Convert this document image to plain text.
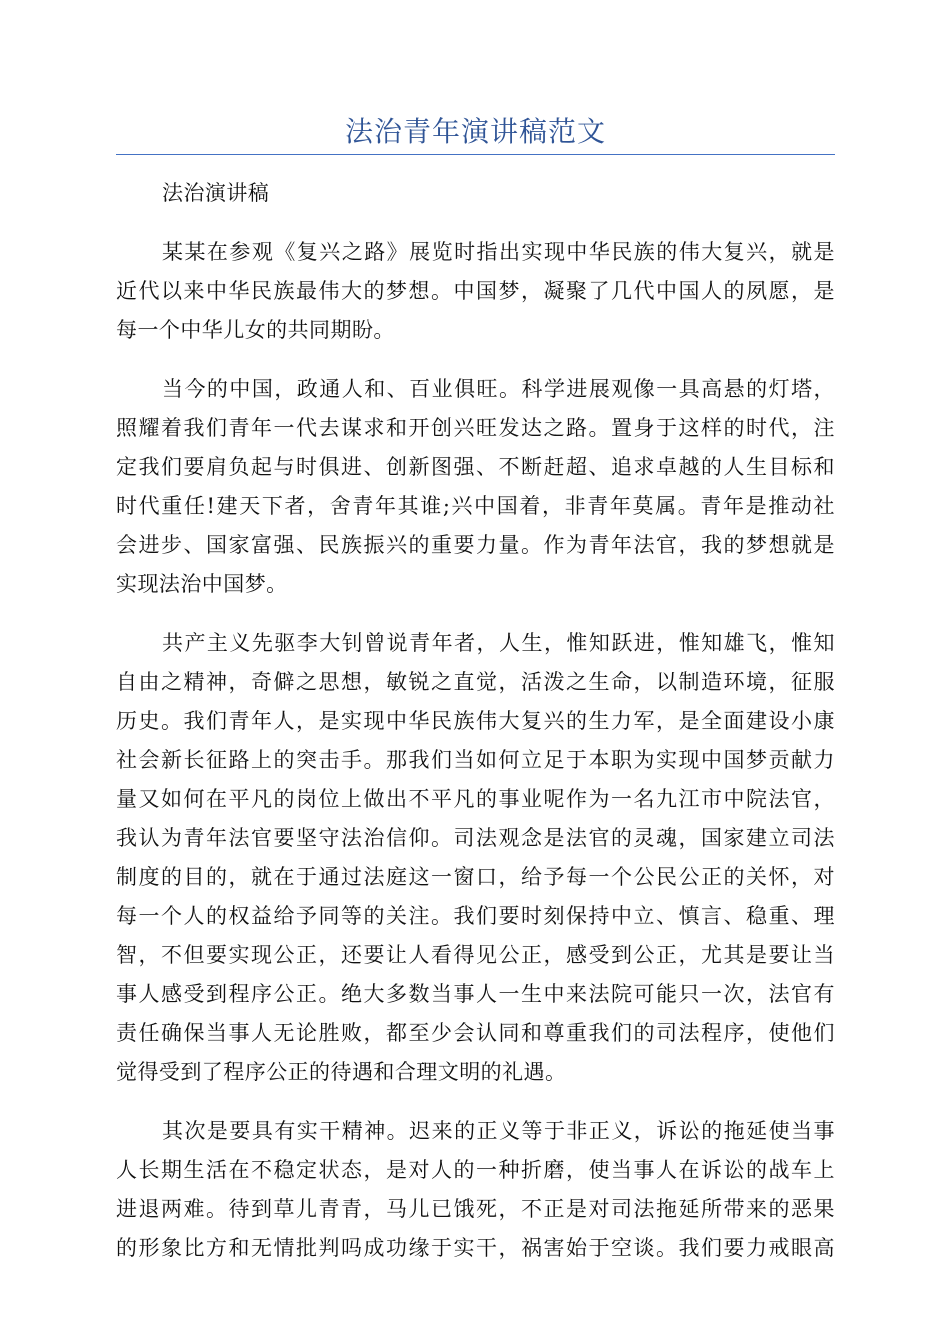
法治青年演讲稿范文
法治演讲稿
某某在参观《复兴之路》展览时指出实现中华民族的伟大复兴，就是
近代以来中华民族最伟大的梦想。中国梦，凝聚了几代中国人的夙愿，是
每一个中华儿女的共同期盼。
当今的中国，政通人和、百业俱旺。科学进展观像一具高悬的灯塔，
照耀着我们青年一代去谋求和开创兴旺发达之路。置身于这样的时代，注
定我们要肩负起与时俱进、创新图强、不断赶超、追求卓越的人生目标和
时代重任!建天下者，舍青年其谁;兴中国着，非青年莫属。青年是推动社
会进步、国家富强、民族振兴的重要力量。作为青年法官，我的梦想就是
实现法治中国梦。
共产主义先驱李大钊曾说青年者，人生，惟知跃进，惟知雄飞，惟知
自由之精神，奇僻之思想，敏锐之直觉，活泼之生命，以制造环境，征服
历史。我们青年人，是实现中华民族伟大复兴的生力军，是全面建设小康
社会新长征路上的突击手。那我们当如何立足于本职为实现中国梦贡献力
量又如何在平凡的岗位上做出不平凡的事业呢作为一名九江市中院法官，
我认为青年法官要坚守法治信仰。司法观念是法官的灵魂，国家建立司法
制度的目的，就在于通过法庭这一窗口，给予每一个公民公正的关怀，对
每一个人的权益给予同等的关注。我们要时刻保持中立、慎言、稳重、理
智，不但要实现公正，还要让人看得见公正，感受到公正，尤其是要让当
事人感受到程序公正。绝大多数当事人一生中来法院可能只一次，法官有
责任确保当事人无论胜败，都至少会认同和尊重我们的司法程序，使他们
觉得受到了程序公正的待遇和合理文明的礼遇。
其次是要具有实干精神。迟来的正义等于非正义，诉讼的拖延使当事
人长期生活在不稳定状态，是对人的一种折磨，使当事人在诉讼的战车上
进退两难。待到草儿青青，马儿已饿死，不正是对司法拖延所带来的恶果
的形象比方和无情批判吗成功缘于实干，祸害始于空谈。我们要力戒眼高
